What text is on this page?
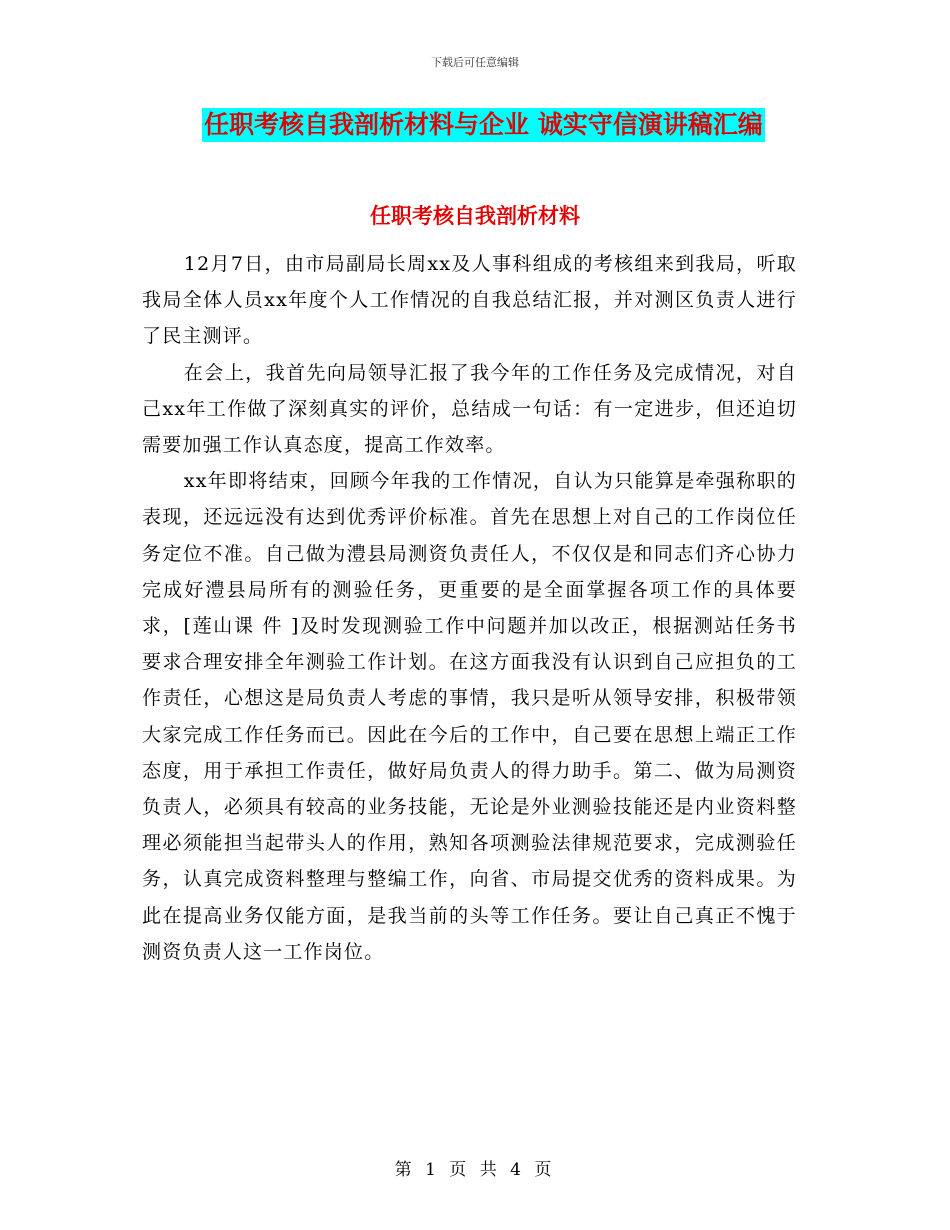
下载后可任意编辑
任职考核自我剖析材料与企业 诚实守信演讲稿汇编
任职考核自我剖析材料

12月7日，由市局副局长周xx及人事科组成的考核组来到我局，听取我局全体人员xx年度个人工作情况的自我总结汇报，并对测区负责人进行了民主测评。

在会上，我首先向局领导汇报了我今年的工作任务及完成情况，对自己xx年工作做了深刻真实的评价，总结成一句话：有一定进步，但还迫切需要加强工作认真态度，提高工作效率。

xx年即将结束，回顾今年我的工作情况，自认为只能算是牵强称职的表现，还远远没有达到优秀评价标准。首先在思想上对自己的工作岗位任务定位不准。自己做为澧县局测资负责任人，不仅仅是和同志们齐心协力完成好澧县局所有的测验任务，更重要的是全面掌握各项工作的具体要求，[莲山课 件 ]及时发现测验工作中问题并加以改正，根据测站任务书要求合理安排全年测验工作计划。在这方面我没有认识到自己应担负的工作责任，心想这是局负责人考虑的事情，我只是听从领导安排，积极带领大家完成工作任务而已。因此在今后的工作中，自己要在思想上端正工作态度，用于承担工作责任，做好局负责人的得力助手。第二、做为局测资负责人，必须具有较高的业务技能，无论是外业测验技能还是内业资料整理必须能担当起带头人的作用，熟知各项测验法律规范要求，完成测验任务，认真完成资料整理与整编工作，向省、市局提交优秀的资料成果。为此在提高业务仅能方面，是我当前的头等工作任务。要让自己真正不愧于测资负责人这一工作岗位。

第 1 页 共 4 页
